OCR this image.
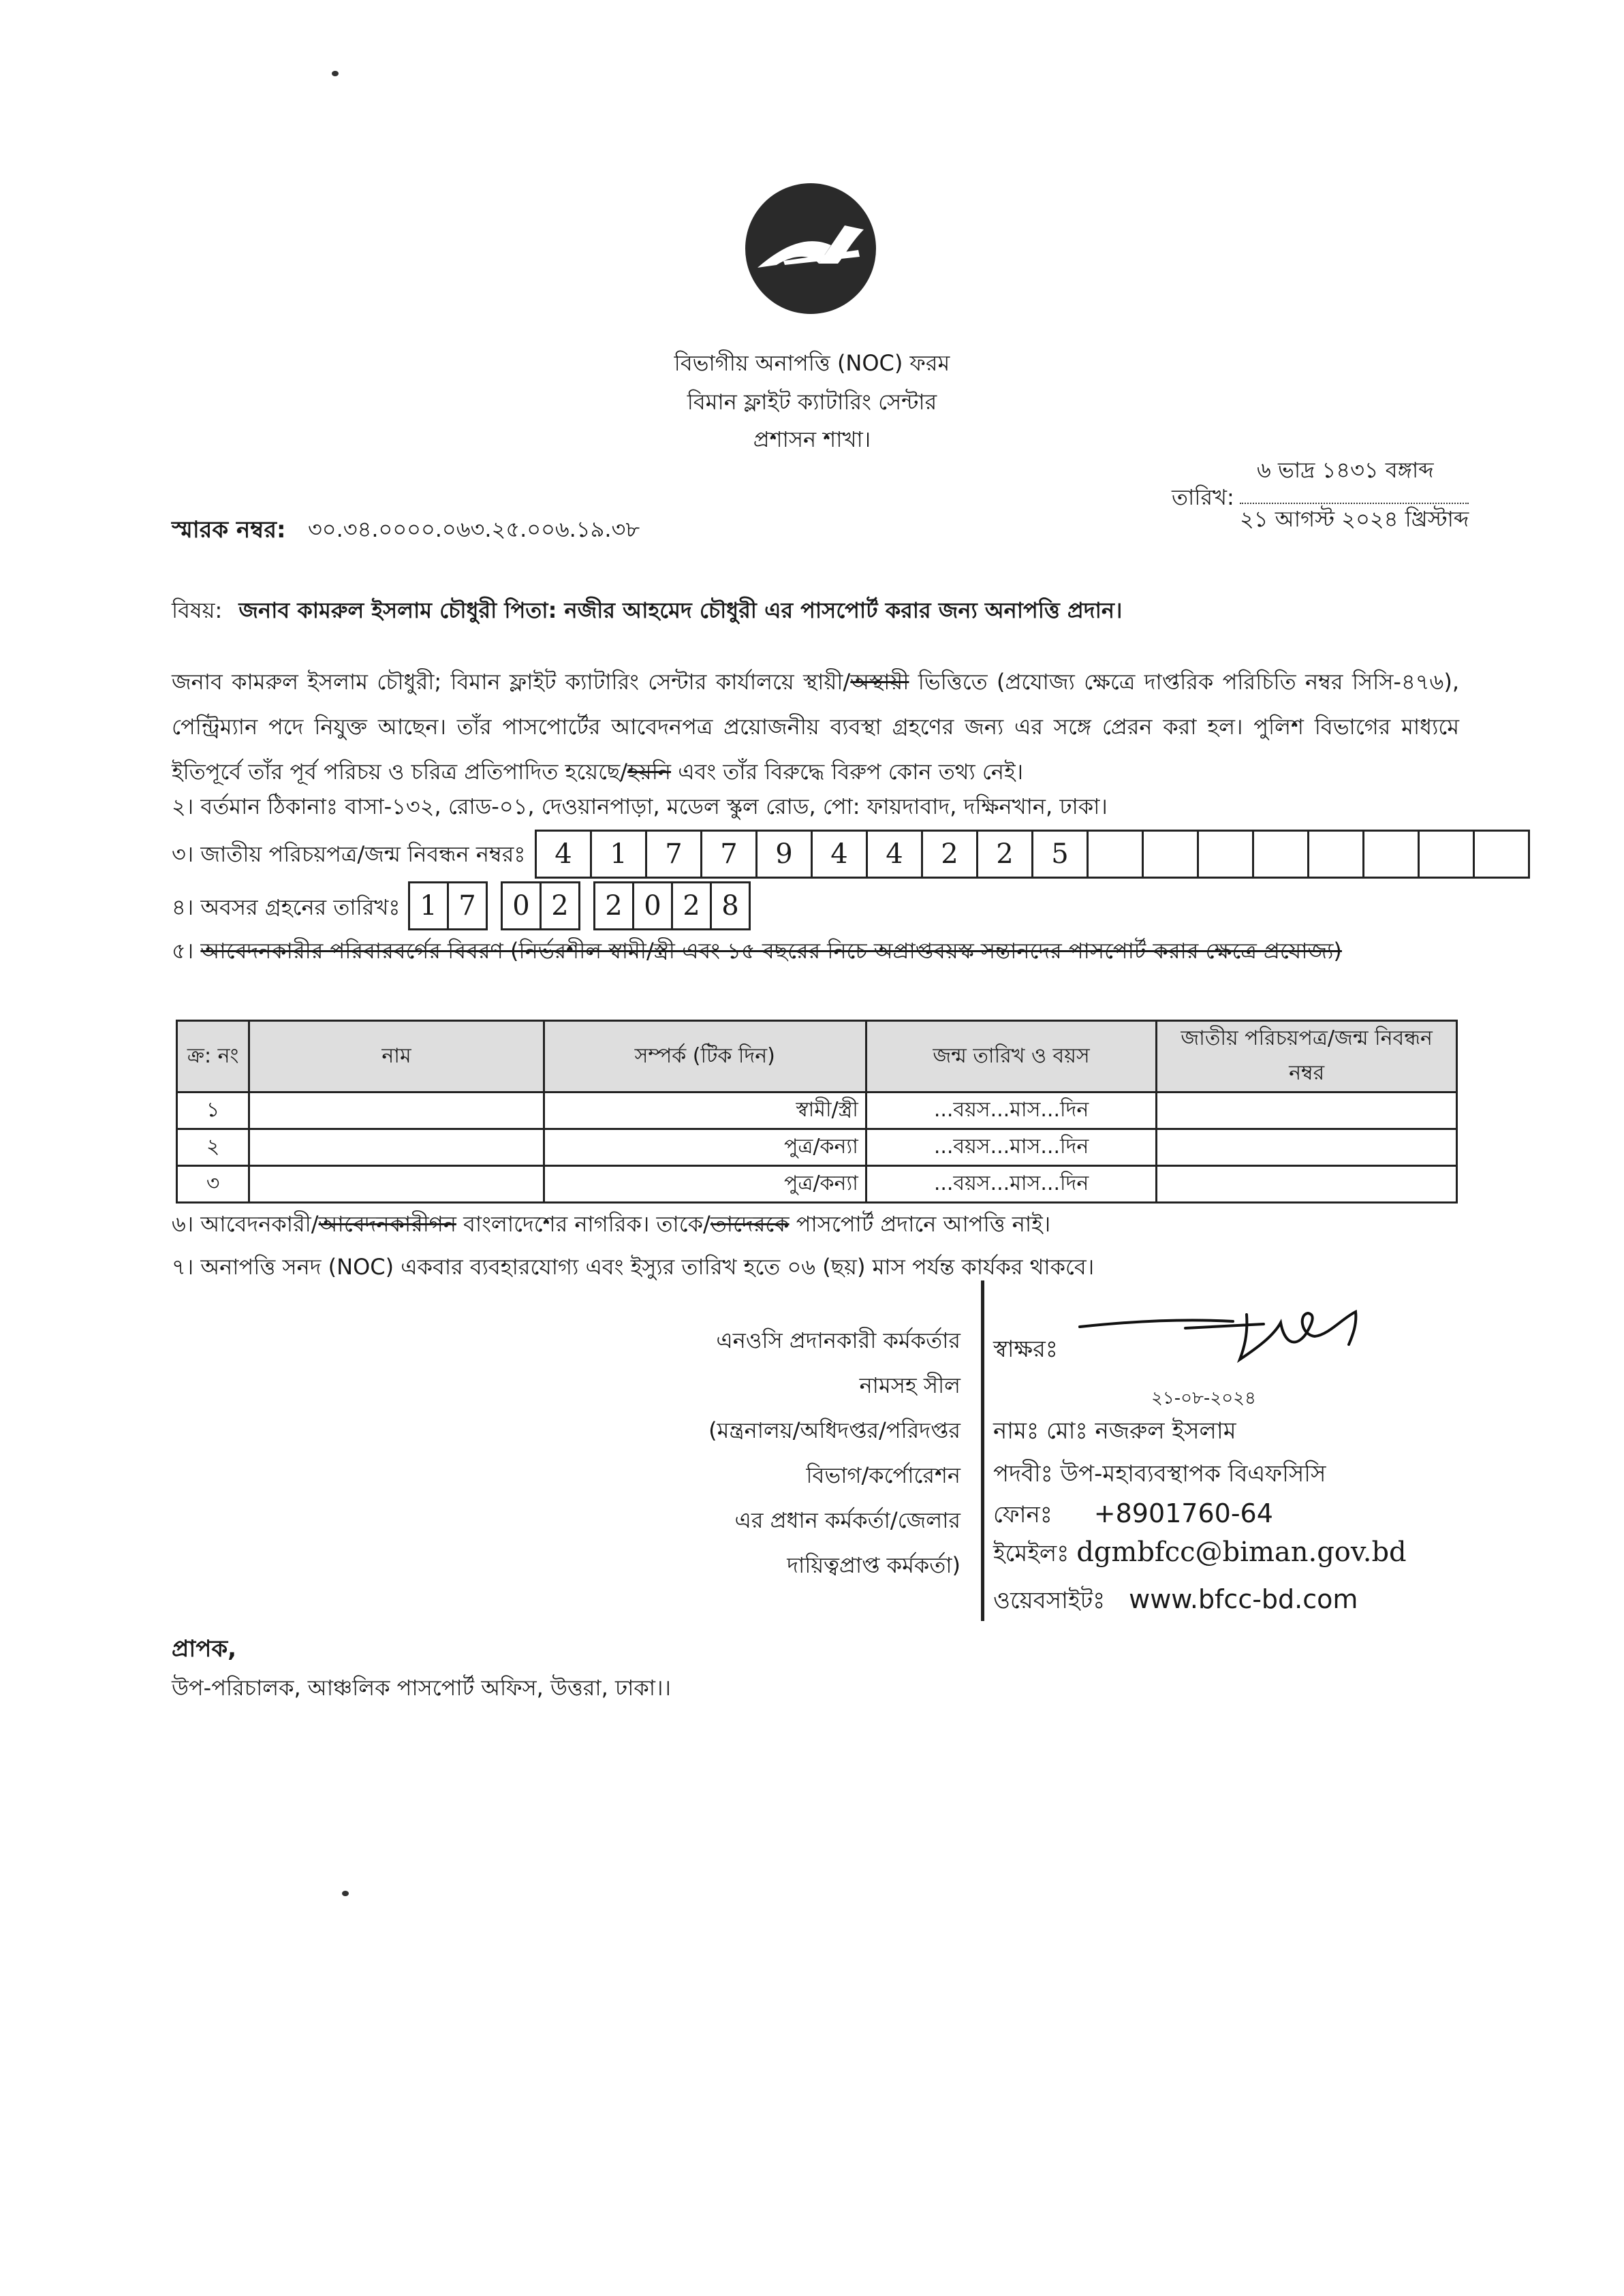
বিভাগীয় অনাপত্তি (NOC) ফরম
বিমান ফ্লাইট ক্যাটারিং সেন্টার
প্রশাসন শাখা।
৬ ভাদ্র ১৪৩১ বঙ্গাব্দ
তারিখ:
২১ আগস্ট ২০২৪ খ্রিস্টাব্দ
স্মারক নম্বর: ৩০.৩৪.০০০০.০৬৩.২৫.০০৬.১৯.৩৮
বিষয়: জনাব কামরুল ইসলাম চৌধুরী পিতা: নজীর আহমেদ চৌধুরী এর পাসপোর্ট করার জন্য অনাপত্তি প্রদান।
জনাব কামরুল ইসলাম চৌধুরী; বিমান ফ্লাইট ক্যাটারিং সেন্টার কার্যালয়ে স্থায়ী/অস্থায়ী ভিত্তিতে (প্রযোজ্য ক্ষেত্রে দাপ্তরিক পরিচিতি নম্বর সিসি-৪৭৬), পেন্ট্রিম্যান পদে নিযুক্ত আছেন। তাঁর পাসপোর্টের আবেদনপত্র প্রয়োজনীয় ব্যবস্থা গ্রহণের জন্য এর সঙ্গে প্রেরন করা হল। পুলিশ বিভাগের মাধ্যমে ইতিপূর্বে তাঁর পূর্ব পরিচয় ও চরিত্র প্রতিপাদিত হয়েছে/হয়নি এবং তাঁর বিরুদ্ধে বিরুপ কোন তথ্য নেই।
২। বর্তমান ঠিকানাঃ বাসা-১৩২, রোড-০১, দেওয়ানপাড়া, মডেল স্কুল রোড, পো: ফায়দাবাদ, দক্ষিনখান, ঢাকা।
৩। জাতীয় পরিচয়পত্র/জন্ম নিবন্ধন নম্বরঃ	4	1	7	7	9	4	4	2	2	5
৪। অবসর গ্রহনের তারিখঃ 1 7	0 2	2 0 2 8
৫। আবেদনকারীর পরিবারবর্গের বিবরণ (নির্ভরশীল স্বামী/স্ত্রী এবং ১৫ বছরের নিচে অপ্রাপ্তবয়স্ক সন্তানদের পাসপোর্ট করার ক্ষেত্রে প্রযোজ্য)
ক্র: নং	নাম	সম্পর্ক (টিক দিন)	জন্ম তারিখ ও বয়স	জাতীয় পরিচয়পত্র/জন্ম নিবন্ধন নম্বর
১		স্বামী/স্ত্রী	...বয়স...মাস...দিন	
২		পুত্র/কন্যা	...বয়স...মাস...দিন	
৩		পুত্র/কন্যা	...বয়স...মাস...দিন	
৬। আবেদনকারী/আবেদনকারীগন বাংলাদেশের নাগরিক। তাকে/তাদেরকে পাসপোর্ট প্রদানে আপত্তি নাই।
৭। অনাপত্তি সনদ (NOC) একবার ব্যবহারযোগ্য এবং ইস্যুর তারিখ হতে ০৬ (ছয়) মাস পর্যন্ত কার্যকর থাকবে।
এনওসি প্রদানকারী কর্মকর্তার
নামসহ সীল
(মন্ত্রনালয়/অধিদপ্তর/পরিদপ্তর
বিভাগ/কর্পোরেশন
এর প্রধান কর্মকর্তা/জেলার
দায়িত্বপ্রাপ্ত কর্মকর্তা)
স্বাক্ষরঃ
২১-০৮-২০২৪
নামঃ মোঃ নজরুল ইসলাম
পদবীঃ উপ-মহাব্যবস্থাপক বিএফসিসি
ফোনঃ +8901760-64
ইমেইলঃ dgmbfcc@biman.gov.bd
ওয়েবসাইটঃ www.bfcc-bd.com
প্রাপক,
উপ-পরিচালক, আঞ্চলিক পাসপোর্ট অফিস, উত্তরা, ঢাকা।।
